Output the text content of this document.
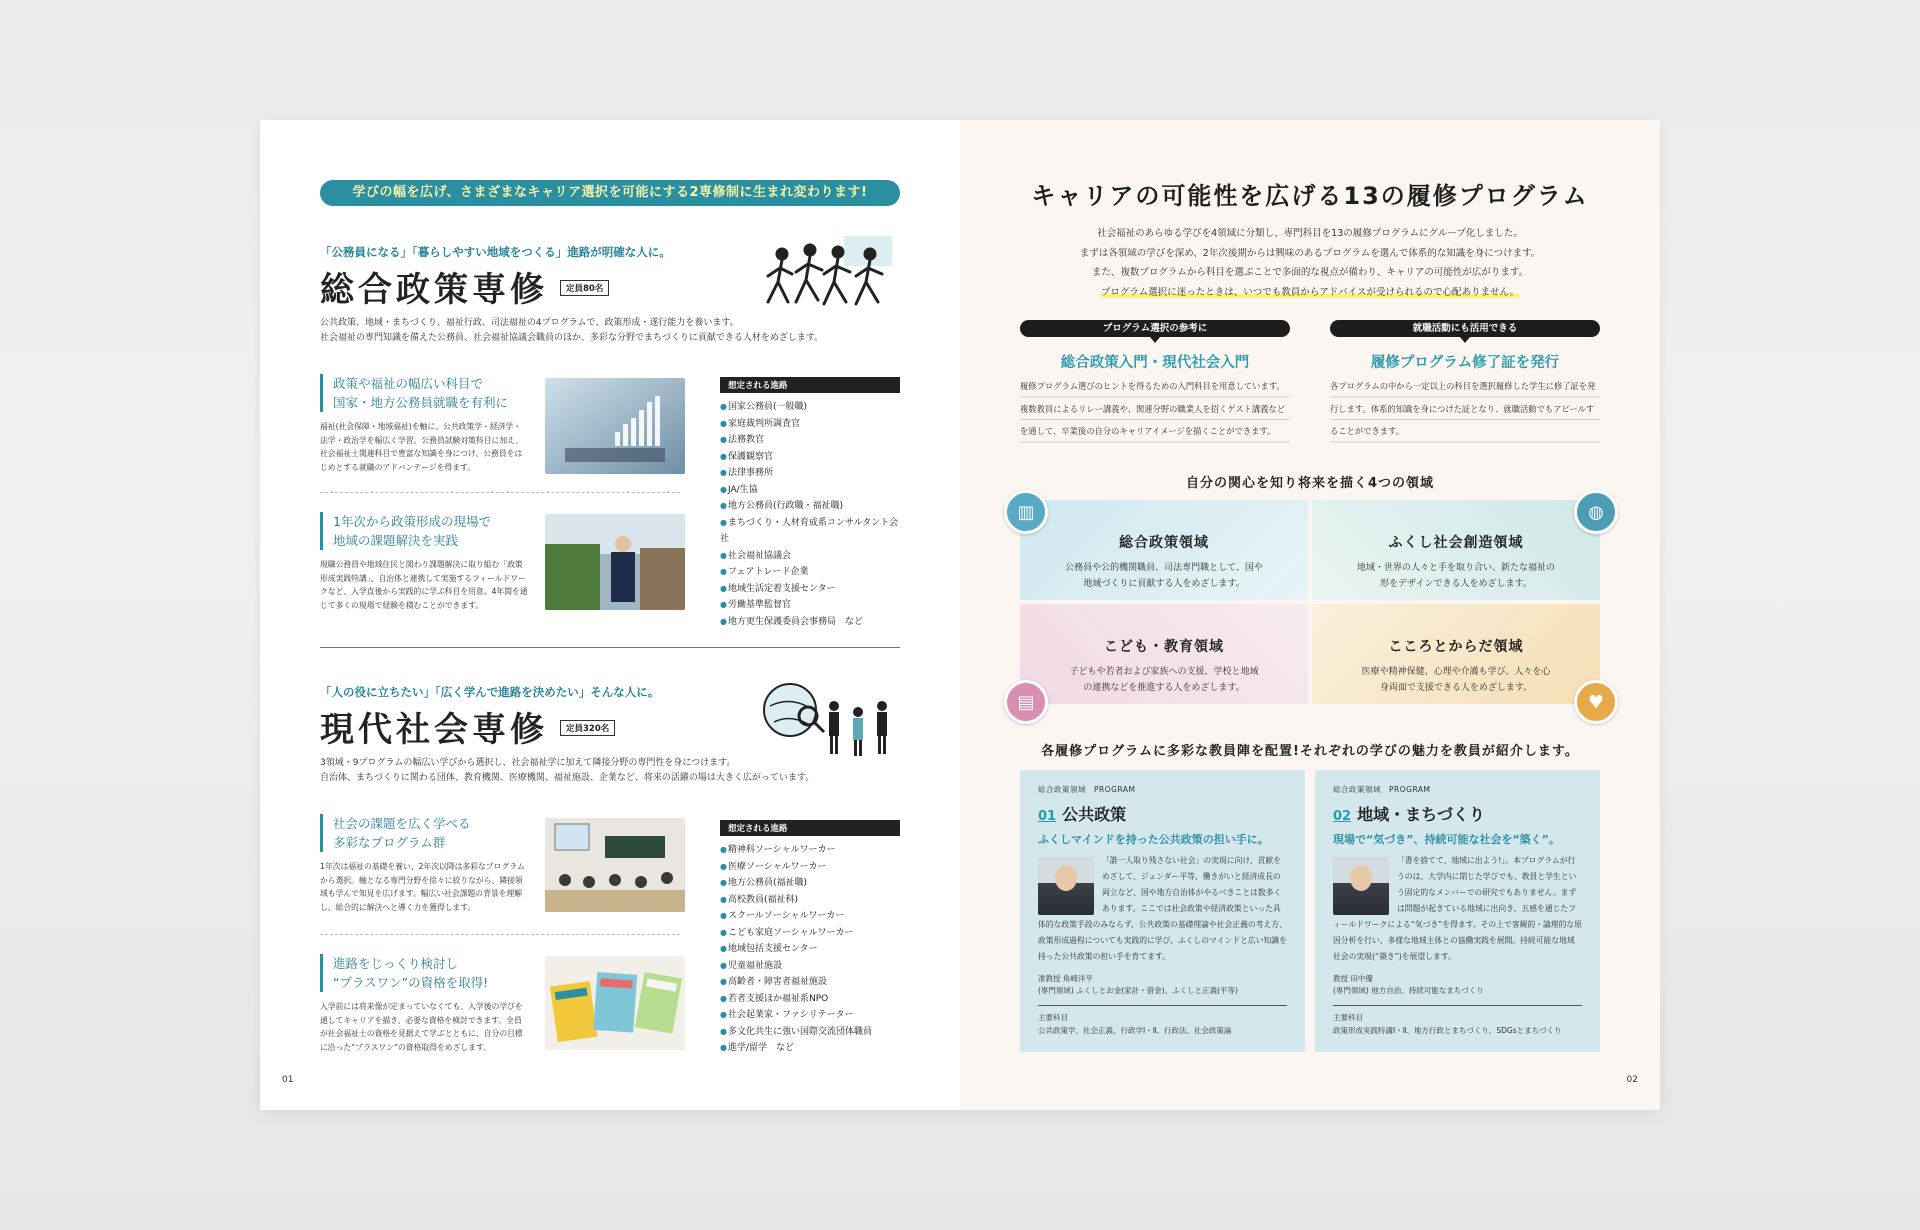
学びの幅を広げ、さまざまなキャリア選択を可能にする2専修制に生まれ変わります!
「公務員になる」「暮らしやすい地域をつくる」進路が明確な人に。
総合政策専修	定員80名
公共政策、地域・まちづくり、福祉行政、司法福祉の4プログラムで、政策形成・遂行能力を養います。
社会福祉の専門知識を備えた公務員、社会福祉協議会職員のほか、多彩な分野でまちづくりに貢献できる人材をめざします。
政策や福祉の幅広い科目で
国家・地方公務員就職を有利に
福祉(社会保障・地域福祉)を軸に、公共政策学・経済学・法学・政治学を幅広く学習。公務員試験対策科目に加え、社会福祉士関連科目で豊富な知識を身につけ、公務員をはじめとする就職のアドバンテージを得ます。
1年次から政策形成の現場で
地域の課題解決を実践
現職公務員や地域住民と関わり課題解決に取り組む「政策形成実践特講」、自治体と連携して実施するフィールドワークなど、入学直後から実践的に学ぶ科目を用意。4年間を通じて多くの現場で経験を積むことができます。
想定される進路
● 国家公務員(一般職)
● 家庭裁判所調査官
● 法務教官
● 保護観察官
● 法律事務所
● JA/生協
● 地方公務員(行政職・福祉職)
● まちづくり・人材育成系コンサルタント会社
● 社会福祉協議会
● フェアトレード企業
● 地域生活定着支援センター
● 労働基準監督官
● 地方更生保護委員会事務局　など
「人の役に立ちたい」「広く学んで進路を決めたい」そんな人に。
現代社会専修	定員320名
3領域・9プログラムの幅広い学びから選択し、社会福祉学に加えて隣接分野の専門性を身につけます。
自治体、まちづくりに関わる団体、教育機関、医療機関、福祉施設、企業など、将来の活躍の場は大きく広がっています。
社会の課題を広く学べる
多彩なプログラム群
1年次は福祉の基礎を養い、2年次以降は多彩なプログラムから選択。軸となる専門分野を徐々に絞りながら、隣接領域も学んで知見を広げます。幅広い社会課題の背景を理解し、総合的に解決へと導く力を獲得します。
進路をじっくり検討し
“プラスワン”の資格を取得!
入学前には将来像が定まっていなくても、入学後の学びを通してキャリアを描き、必要な資格を検討できます。全員が社会福祉士の資格を見据えて学ぶとともに、自分の目標に沿った“プラスワン”の資格取得をめざします。
想定される進路
● 精神科ソーシャルワーカー
● 医療ソーシャルワーカー
● 地方公務員(福祉職)
● 高校教員(福祉科)
● スクールソーシャルワーカー
● こども家庭ソーシャルワーカー
● 地域包括支援センター
● 児童福祉施設
● 高齢者・障害者福祉施設
● 若者支援ほか福祉系NPO
● 社会起業家・ファシリテーター
● 多文化共生に強い国際交流団体職員
● 進学/留学　など
01
キャリアの可能性を広げる13の履修プログラム
社会福祉のあらゆる学びを4領域に分類し、専門科目を13の履修プログラムにグループ化しました。
まずは各領域の学びを深め、2年次後期からは興味のあるプログラムを選んで体系的な知識を身につけます。
また、複数プログラムから科目を選ぶことで多面的な視点が備わり、キャリアの可能性が広がります。
プログラム選択に迷ったときは、いつでも教員からアドバイスが受けられるので心配ありません。
プログラム選択の参考に	就職活動にも活用できる
総合政策入門・現代社会入門	履修プログラム修了証を発行
履修プログラム選びのヒントを得るための入門科目を用意しています。複数教員によるリレー講義や、関連分野の職業人を招くゲスト講義などを通して、卒業後の自分のキャリアイメージを描くことができます。
各プログラムの中から一定以上の科目を選択履修した学生に修了証を発行します。体系的知識を身につけた証となり、就職活動でもアピールすることができます。
自分の関心を知り将来を描く4つの領域
総合政策領域
公務員や公的機関職員、司法専門職として、国や
地域づくりに貢献する人をめざします。
ふくし社会創造領域
地域・世界の人々と手を取り合い、新たな福祉の
形をデザインできる人をめざします。
こども・教育領域
子どもや若者および家族への支援、学校と地域
の連携などを推進する人をめざします。
こころとからだ領域
医療や精神保健、心理や介護も学び、人々を心
身両面で支援できる人をめざします。
▥	◍
▤	♥
各履修プログラムに多彩な教員陣を配置!それぞれの学びの魅力を教員が紹介します。
総合政策領域　PROGRAM
01 公共政策
ふくしマインドを持った公共政策の担い手に。
「誰一人取り残さない社会」の実現に向け、貢献をめざして、ジェンダー平等、働きがいと経済成長の両立など、国や地方自治体がやるべきことは数多くあります。ここでは社会政策や経済政策といった具体的な政策手段のみならず、公共政策の基礎理論や社会正義の考え方、政策形成過程についても実践的に学び、ふくしのマインドと広い知識を持った公共政策の担い手を育てます。
准教授 角崎洋平
(専門領域) ふくしとお金(家計・借金)、ふくしと正義(平等)
主要科目
公共政策学、社会正義、行政学Ⅰ・Ⅱ、行政法、社会政策論
総合政策領域　PROGRAM
02 地域・まちづくり
現場で“気づき”、持続可能な社会を“築く”。
「書を捨てて、地域に出よう!」。本プログラムが行うのは、大学内に閉じた学びでも、教員と学生という固定的なメンバーでの研究でもありません。まずは問題が起きている地域に出向き、五感を通じたフィールドワークによる“気づき”を得ます。その上で客観的・論理的な原因分析を行い、多様な地域主体との協働実践を展開。持続可能な地域社会の実現(“築き”)を展望します。
教授 田中優
(専門領域) 地方自治、持続可能なまちづくり
主要科目
政策形成実践特講Ⅰ・Ⅱ、地方行政とまちづくり、SDGsとまちづくり
02
